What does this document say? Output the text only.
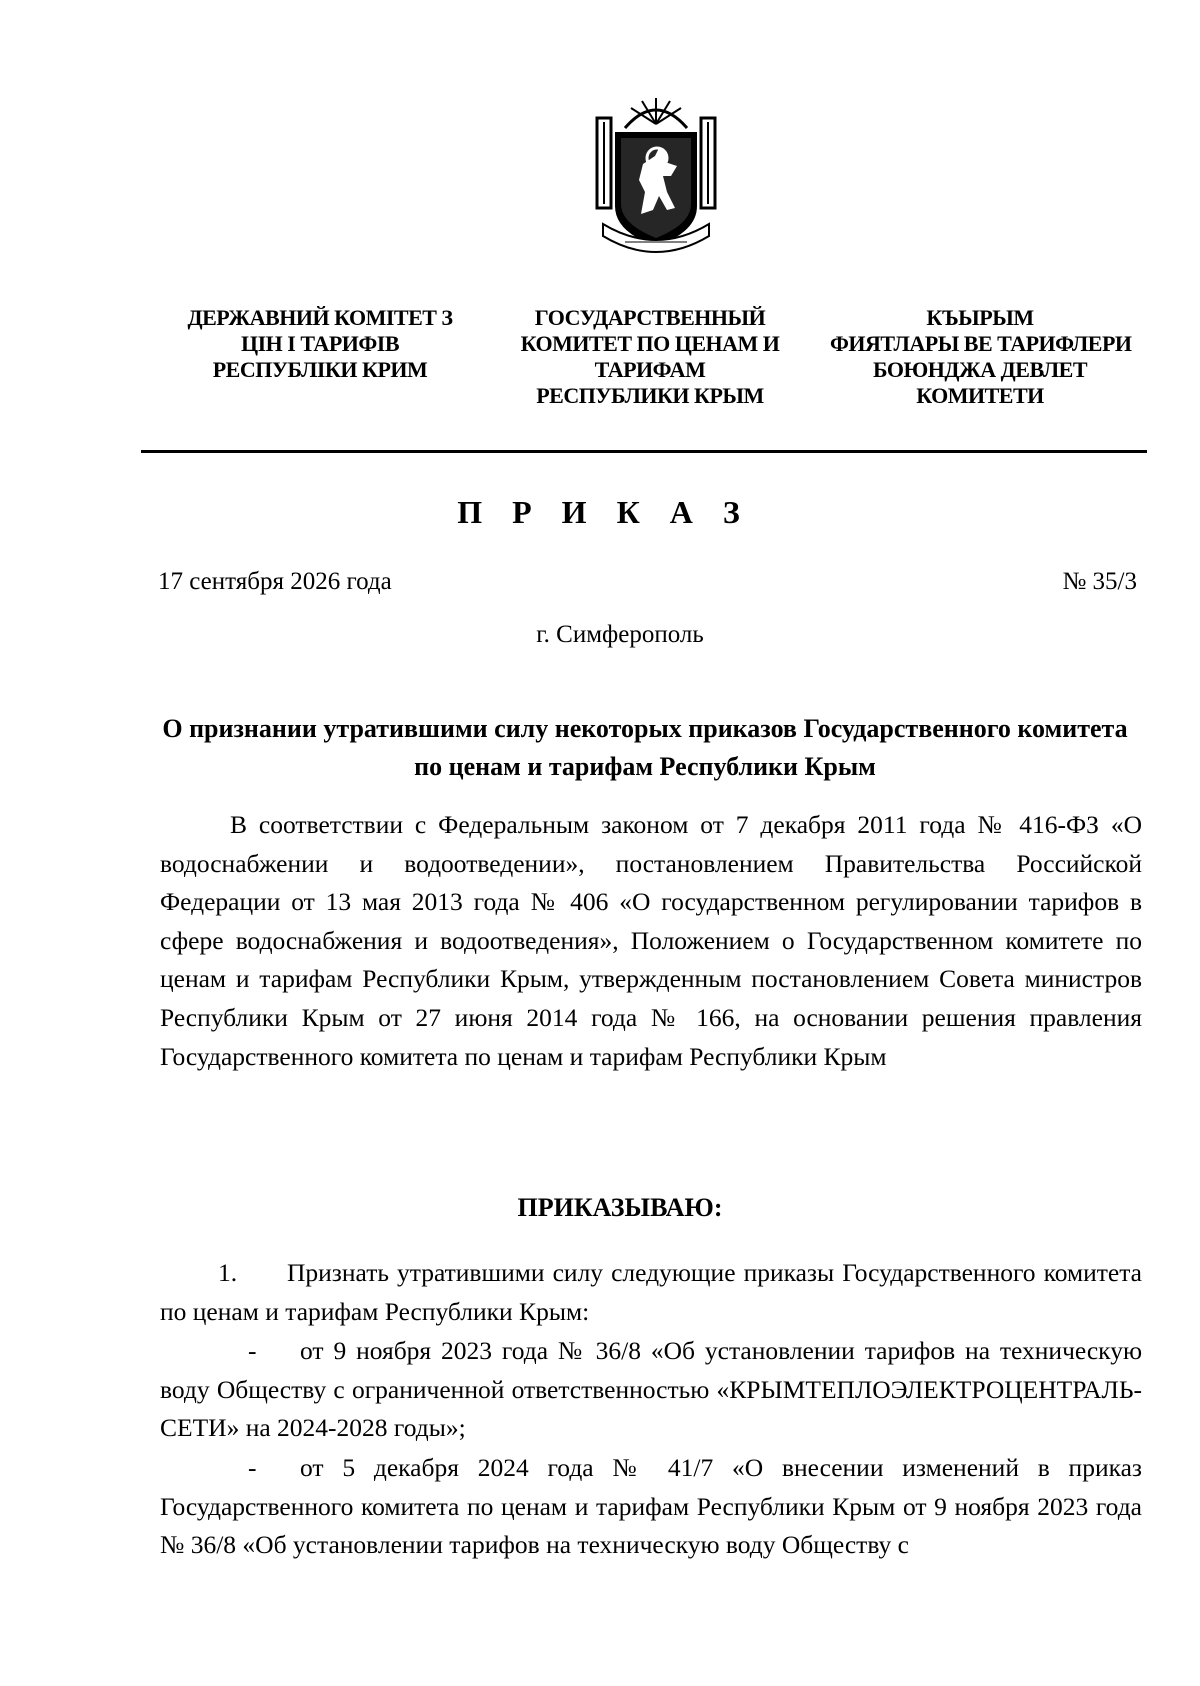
ДЕРЖАВНИЙ КОМІТЕТ З
ЦІН І ТАРИФІВ
РЕСПУБЛІКИ КРИМ
ГОСУДАРСТВЕННЫЙ
КОМИТЕТ ПО ЦЕНАМ И
ТАРИФАМ
РЕСПУБЛИКИ КРЫМ
КЪЫРЫМ
ФИЯТЛАРЫ ВЕ ТАРИФЛЕРИ
БОЮНДЖА ДЕВЛЕТ
КОМИТЕТИ
П Р И К А З
17 сентября 2026 года	№ 35/3
г. Симферополь
О признании утратившими силу некоторых приказов Государственного комитета по ценам и тарифам Республики Крым
В соответствии с Федеральным законом от 7 декабря 2011 года № 416-ФЗ «О водоснабжении и водоотведении», постановлением Правительства Российской Федерации от 13 мая 2013 года № 406 «О государственном регулировании тарифов в сфере водоснабжения и водоотведения», Положением о Государственном комитете по ценам и тарифам Республики Крым, утвержденным постановлением Совета министров Республики Крым от 27 июня 2014 года № 166, на основании решения правления Государственного комитета по ценам и тарифам Республики Крым
ПРИКАЗЫВАЮ:
1. Признать утратившими силу следующие приказы Государственного комитета по ценам и тарифам Республики Крым:
- от 9 ноября 2023 года № 36/8 «Об установлении тарифов на техническую воду Обществу с ограниченной ответственностью «КРЫМТЕПЛОЭЛЕКТРОЦЕНТРАЛЬ-СЕТИ» на 2024-2028 годы»;
- от 5 декабря 2024 года № 41/7 «О внесении изменений в приказ Государственного комитета по ценам и тарифам Республики Крым от 9 ноября 2023 года № 36/8 «Об установлении тарифов на техническую воду Обществу с
